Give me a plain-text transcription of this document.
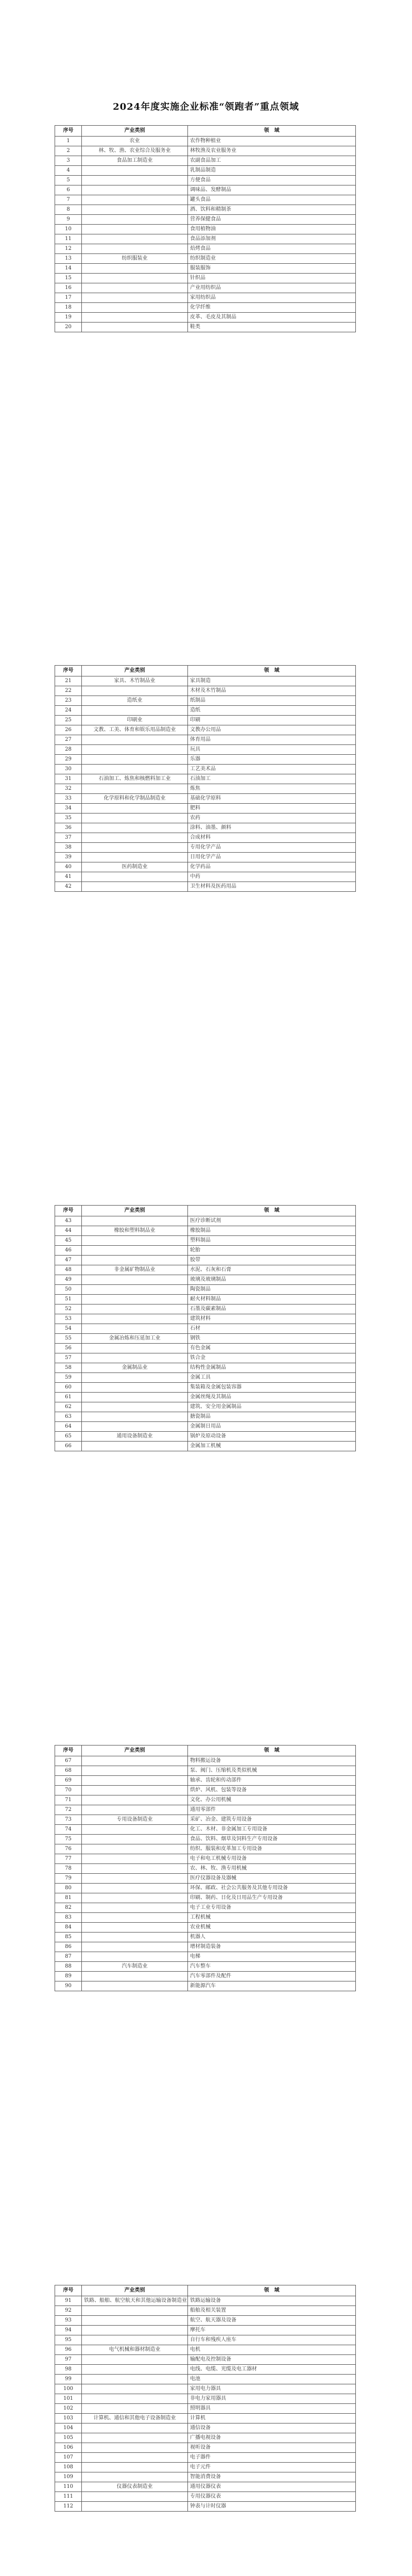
2024年度实施企业标准“领跑者”重点领域
序号	产业类别	领　域
1	农业	农作物种植业
2	林、牧、渔、农业综合及服务业	林牧渔及农业服务业
3	食品加工制造业	农副食品加工
4		乳制品制造
5		方便食品
6		调味品、发酵制品
7		罐头食品
8		酒、饮料和精制茶
9		营养保健食品
10		食用植物油
11		食品添加剂
12		焙烤食品
13	纺织服装业	纺织制造业
14		服装服饰
15		针织品
16		产业用纺织品
17		家用纺织品
18		化学纤维
19		皮革、毛皮及其制品
20		鞋类
序号	产业类别	领　域
21	家具、木竹制品业	家具制造
22		木材及木竹制品
23	造纸业	纸制品
24		造纸
25	印刷业	印刷
26	文教、工美、体育和娱乐用品制造业	文教办公用品
27		体育用品
28		玩具
29		乐器
30		工艺美术品
31	石油加工、炼焦和核燃料加工业	石油加工
32		炼焦
33	化学原料和化学制品制造业	基础化学原料
34		肥料
35		农药
36		涂料、油墨、颜料
37		合成材料
38		专用化学产品
39		日用化学产品
40	医药制造业	化学药品
41		中药
42		卫生材料及医药用品
序号	产业类别	领　域
43		医疗诊断试剂
44	橡胶和塑料制品业	橡胶制品
45		塑料制品
46		轮胎
47		胶带
48	非金属矿物制品业	水泥、石灰和石膏
49		玻璃及玻璃制品
50		陶瓷制品
51		耐火材料制品
52		石墨及碳素制品
53		建筑材料
54		石材
55	金属冶炼和压延加工业	钢铁
56		有色金属
57		铁合金
58	金属制品业	结构性金属制品
59		金属工具
60		集装箱及金属包装容器
61		金属丝绳及其制品
62		建筑、安全用金属制品
63		搪瓷制品
64		金属制日用品
65	通用设备制造业	锅炉及原动设备
66		金属加工机械
序号	产业类别	领　域
67		物料搬运设备
68		泵、阀门、压缩机及类似机械
69		轴承、齿轮和传动部件
70		烘炉、风机、包装等设备
71		文化、办公用机械
72		通用零部件
73	专用设备制造业	采矿、冶金、建筑专用设备
74		化工、木材、非金属加工专用设备
75		食品、饮料、烟草及饲料生产专用设备
76		纺织、服装和皮革加工专用设备
77		电子和电工机械专用设备
78		农、林、牧、渔专用机械
79		医疗仪器设备及器械
80		环保、邮政、社会公共服务及其他专用设备
81		印刷、制药、日化及日用品生产专用设备
82		电子工业专用设备
83		工程机械
84		农业机械
85		机器人
86		增材制造装备
87		电梯
88	汽车制造业	汽车整车
89		汽车零部件及配件
90		新能源汽车
序号	产业类别	领　域
91	铁路、船舶、航空航天和其他运输设备制造业	铁路运输设备
92		船舶及相关装置
93		航空、航天器及设备
94		摩托车
95		自行车和残疾人座车
96	电气机械和器材制造业	电机
97		输配电及控制设备
98		电线、电缆、光缆及电工器材
99		电池
100		家用电力器具
101		非电力家用器具
102		照明器具
103	计算机、通信和其他电子设备制造业	计算机
104		通信设备
105		广播电视设备
106		视听设备
107		电子器件
108		电子元件
109		智能消费设备
110	仪器仪表制造业	通用仪器仪表
111		专用仪器仪表
112		钟表与计时仪器
